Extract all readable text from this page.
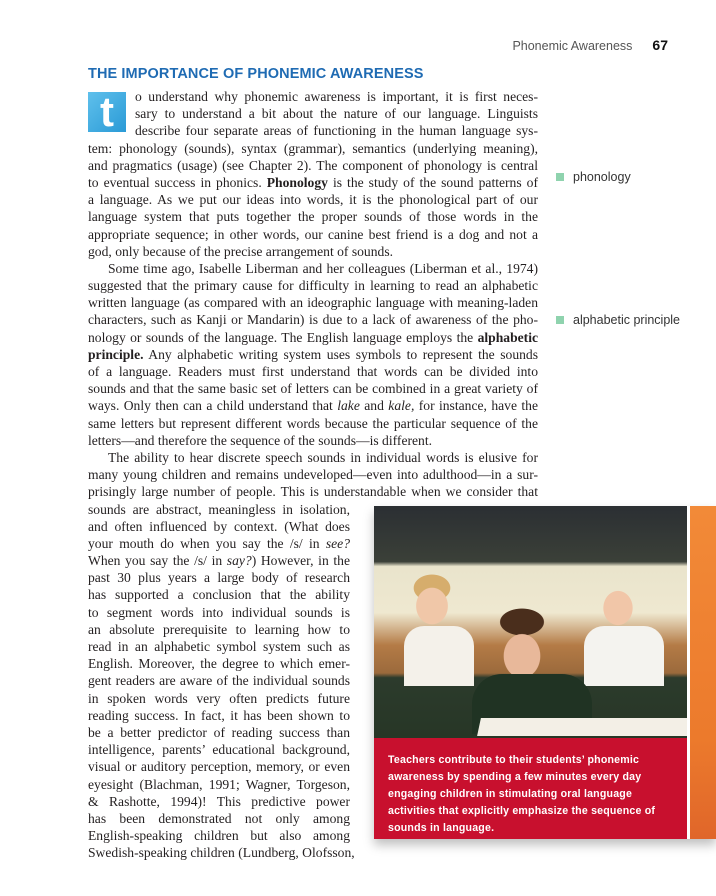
Phonemic Awareness 67
THE IMPORTANCE OF PHONEMIC AWARENESS

t	o understand why phonemic awareness is important, it is first neces-
sary to understand a bit about the nature of our language. Linguists
describe four separate areas of functioning in the human language sys-
tem: phonology (sounds), syntax (grammar), semantics (underlying meaning),
and pragmatics (usage) (see Chapter 2). The component of phonology is central
to eventual success in phonics. Phonology is the study of the sound patterns of
a language. As we put our ideas into words, it is the phonological part of our
language system that puts together the proper sounds of those words in the
appropriate sequence; in other words, our canine best friend is a dog and not a
god, only because of the precise arrangement of sounds.

Some time ago, Isabelle Liberman and her colleagues (Liberman et al., 1974)
suggested that the primary cause for difficulty in learning to read an alphabetic
written language (as compared with an ideographic language with meaning-laden
characters, such as Kanji or Mandarin) is due to a lack of awareness of the pho-
nology or sounds of the language. The English language employs the alphabetic
principle. Any alphabetic writing system uses symbols to represent the sounds
of a language. Readers must first understand that words can be divided into
sounds and that the same basic set of letters can be combined in a great variety of
ways. Only then can a child understand that lake and kale, for instance, have the
same letters but represent different words because the particular sequence of the
letters—and therefore the sequence of the sounds—is different.

The ability to hear discrete speech sounds in individual words is elusive for
many young children and remains undeveloped—even into adulthood—in a sur-
prisingly large number of people. This is understandable when we consider that
sounds are abstract, meaningless in isolation,
and often influenced by context. (What does
your mouth do when you say the /s/ in see?
When you say the /s/ in say?) However, in the
past 30 plus years a large body of research
has supported a conclusion that the ability
to segment words into individual sounds is
an absolute prerequisite to learning how to
read in an alphabetic symbol system such as
English. Moreover, the degree to which emer-
gent readers are aware of the individual sounds
in spoken words very often predicts future
reading success. In fact, it has been shown to
be a better predictor of reading success than
intelligence, parents’ educational background,
visual or auditory perception, memory, or even
eyesight (Blachman, 1991; Wagner, Torgeson,
& Rashotte, 1994)! This predictive power
has been demonstrated not only among
English-speaking children but also among
Swedish-speaking children (Lundberg, Olofsson,

phonology
alphabetic principle
Teachers contribute to their students’ phonemic awareness by spending a few minutes every day engaging children in stimulating oral language activities that explicitly emphasize the sequence of sounds in language.
